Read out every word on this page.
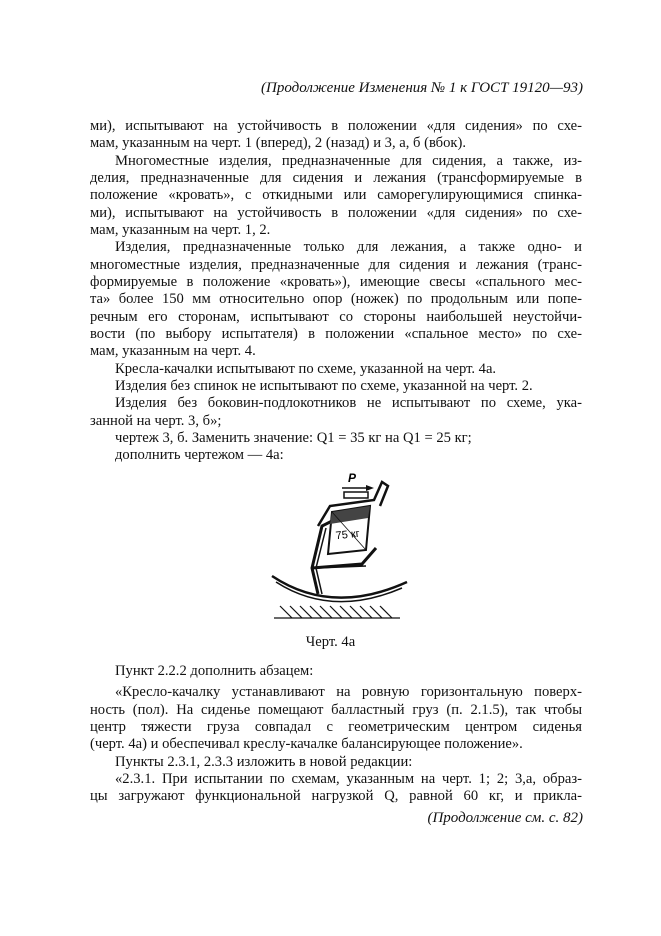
(Продолжение Изменения № 1 к ГОСТ 19120—93)
ми), испытывают на устойчивость в положении «для сидения» по схе-
мам, указанным на черт. 1 (вперед), 2 (назад) и 3, а, б (вбок).
Многоместные изделия, предназначенные для сидения, а также, из-
делия, предназначенные для сидения и лежания (трансформируемые в
положение «кровать», с откидными или саморегулирующимися спинка-
ми), испытывают на устойчивость в положении «для сидения» по схе-
мам, указанным на черт. 1, 2.
Изделия, предназначенные только для лежания, а также одно- и
многоместные изделия, предназначенные для сидения и лежания (транс-
формируемые в положение «кровать»), имеющие свесы «спального мес-
та» более 150 мм относительно опор (ножек) по продольным или попе-
речным его сторонам, испытывают со стороны наибольшей неустойчи-
вости (по выбору испытателя) в положении «спальное место» по схе-
мам, указанным на черт. 4.
Кресла-качалки испытывают по схеме, указанной на черт. 4а.
Изделия без спинок не испытывают по схеме, указанной на черт. 2.
Изделия без боковин-подлокотников не испытывают по схеме, ука-
занной на черт. 3, б»;
чертеж 3, б. Заменить значение: Q1 = 35 кг на Q1 = 25 кг;
дополнить чертежом — 4а:
75 кг
P
Черт. 4а
Пункт 2.2.2 дополнить абзацем:
«Кресло-качалку устанавливают на ровную горизонтальную поверх-
ность (пол). На сиденье помещают балластный груз (п. 2.1.5), так чтобы
центр тяжести груза совпадал с геометрическим центром сиденья
(черт. 4а) и обеспечивал креслу-качалке балансирующее положение».
Пункты 2.3.1, 2.3.3 изложить в новой редакции:
«2.3.1. При испытании по схемам, указанным на черт. 1; 2; 3,а, образ-
цы загружают функциональной нагрузкой Q, равной 60 кг, и прикла-
(Продолжение см. с. 82)
